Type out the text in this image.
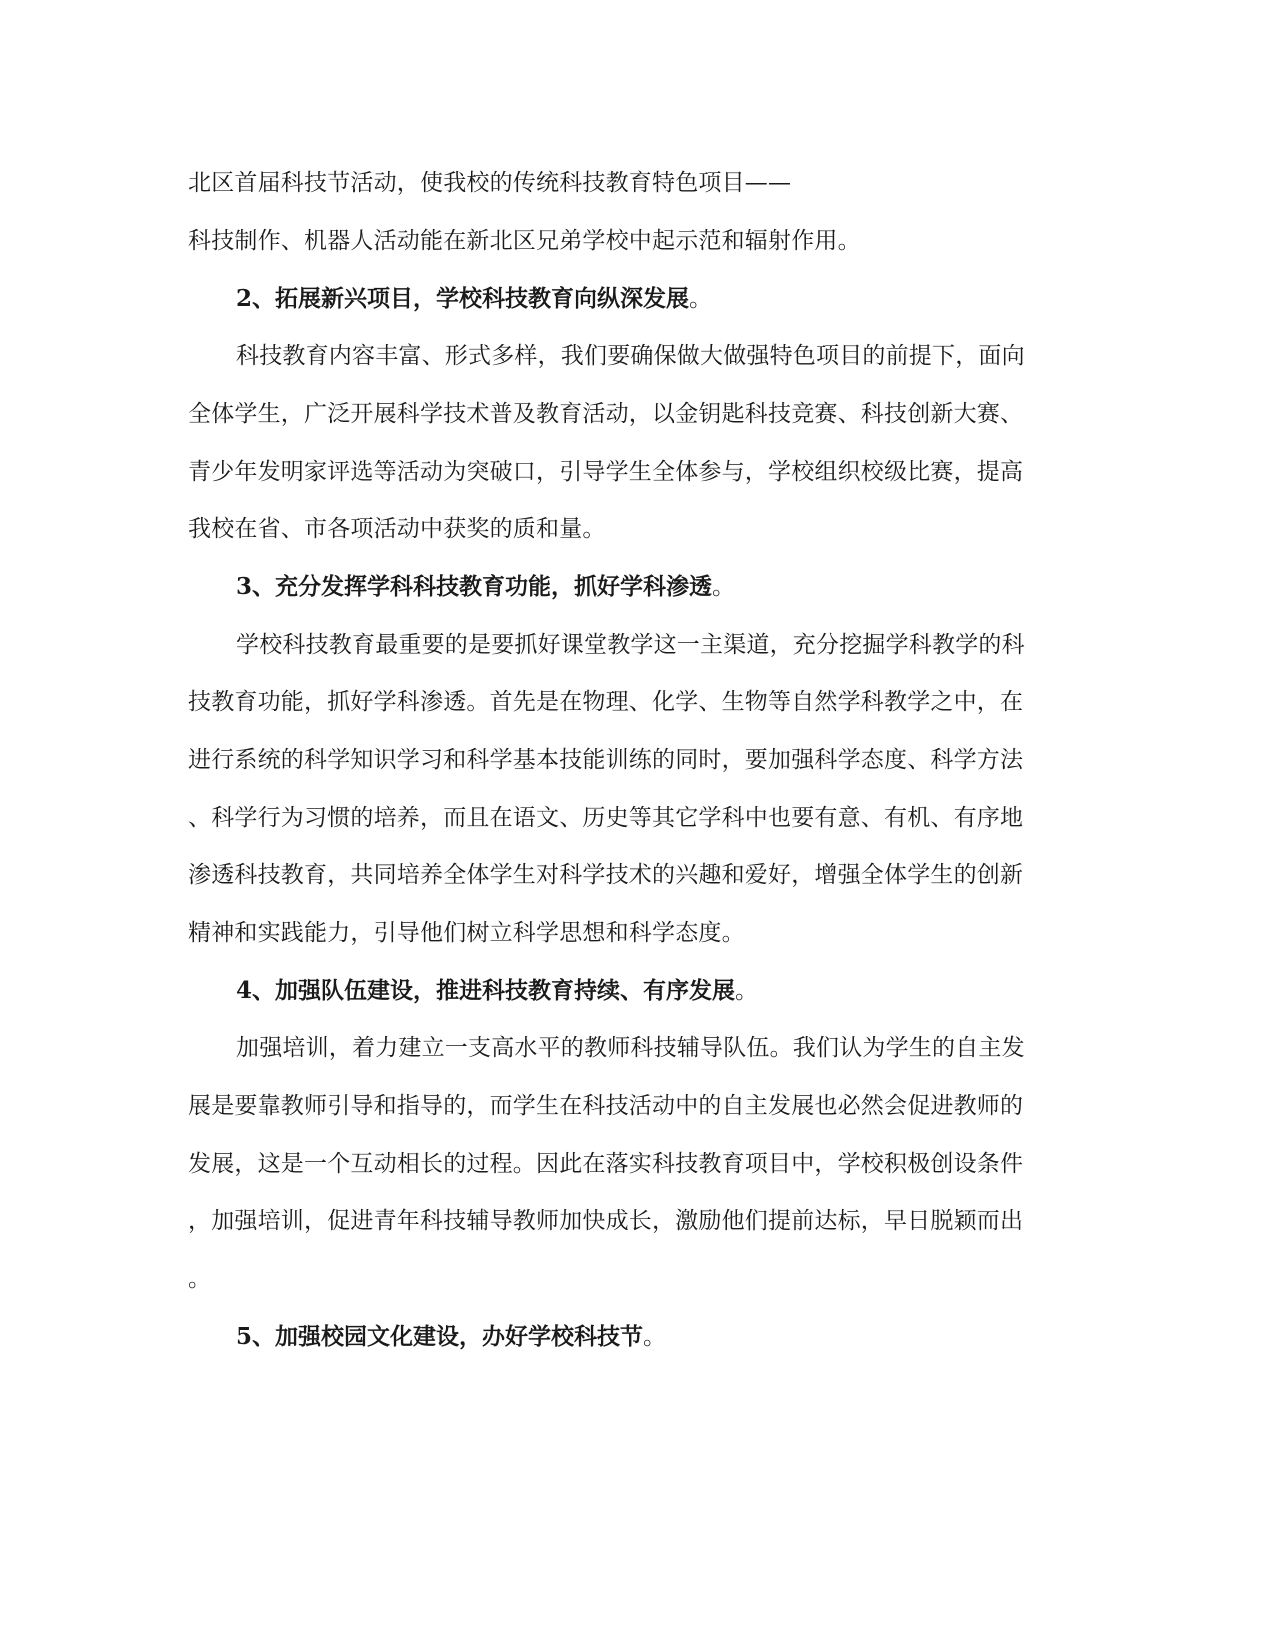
北区首届科技节活动，使我校的传统科技教育特色项目——
科技制作、机器人活动能在新北区兄弟学校中起示范和辐射作用。
2、拓展新兴项目，学校科技教育向纵深发展。
科技教育内容丰富、形式多样，我们要确保做大做强特色项目的前提下，面向
全体学生，广泛开展科学技术普及教育活动，以金钥匙科技竞赛、科技创新大赛、
青少年发明家评选等活动为突破口，引导学生全体参与，学校组织校级比赛，提高
我校在省、市各项活动中获奖的质和量。
3、充分发挥学科科技教育功能，抓好学科渗透。
学校科技教育最重要的是要抓好课堂教学这一主渠道，充分挖掘学科教学的科
技教育功能，抓好学科渗透。首先是在物理、化学、生物等自然学科教学之中，在
进行系统的科学知识学习和科学基本技能训练的同时，要加强科学态度、科学方法
、科学行为习惯的培养，而且在语文、历史等其它学科中也要有意、有机、有序地
渗透科技教育，共同培养全体学生对科学技术的兴趣和爱好，增强全体学生的创新
精神和实践能力，引导他们树立科学思想和科学态度。
4、加强队伍建设，推进科技教育持续、有序发展。
加强培训，着力建立一支高水平的教师科技辅导队伍。我们认为学生的自主发
展是要靠教师引导和指导的，而学生在科技活动中的自主发展也必然会促进教师的
发展，这是一个互动相长的过程。因此在落实科技教育项目中，学校积极创设条件
，加强培训，促进青年科技辅导教师加快成长，激励他们提前达标，早日脱颖而出
。
5、加强校园文化建设，办好学校科技节。
